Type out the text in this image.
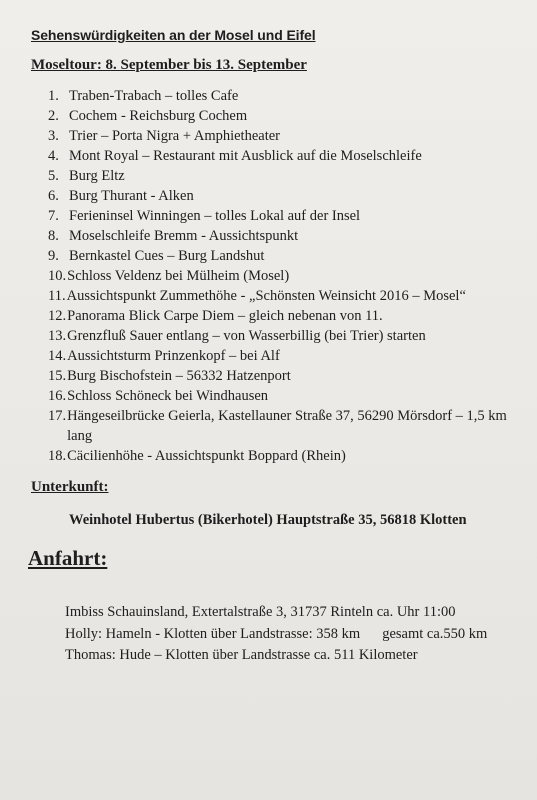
Sehenswürdigkeiten an der Mosel und Eifel
Moseltour: 8. September bis 13. September
1. Traben-Trabach – tolles Cafe
2. Cochem - Reichsburg Cochem
3. Trier – Porta Nigra + Amphietheater
4. Mont Royal – Restaurant mit Ausblick auf die Moselschleife
5. Burg Eltz
6. Burg Thurant - Alken
7. Ferieninsel Winningen – tolles Lokal auf der Insel
8. Moselschleife Bremm - Aussichtspunkt
9. Bernkastel Cues – Burg Landshut
10. Schloss Veldenz bei Mülheim (Mosel)
11. Aussichtspunkt Zummethöhe - „Schönsten Weinsicht 2016 – Mosel“
12. Panorama Blick Carpe Diem – gleich nebenan von 11.
13. Grenzfluß Sauer entlang – von Wasserbillig (bei Trier) starten
14. Aussichtsturm Prinzenkopf – bei Alf
15. Burg Bischofstein – 56332 Hatzenport
16. Schloss Schöneck bei Windhausen
17. Hängeseilbrücke Geierla, Kastellauner Straße 37, 56290 Mörsdorf – 1,5 km lang
18. Cäcilienhöhe - Aussichtspunkt Boppard (Rhein)
Unterkunft:
Weinhotel Hubertus (Bikerhotel) Hauptstraße 35, 56818 Klotten
Anfahrt:
Imbiss Schauinsland, Extertalstraße 3, 31737 Rinteln ca. Uhr 11:00
Holly: Hameln - Klotten über Landstrasse: 358 km gesamt ca.550 km
Thomas: Hude – Klotten über Landstrasse ca. 511 Kilometer
